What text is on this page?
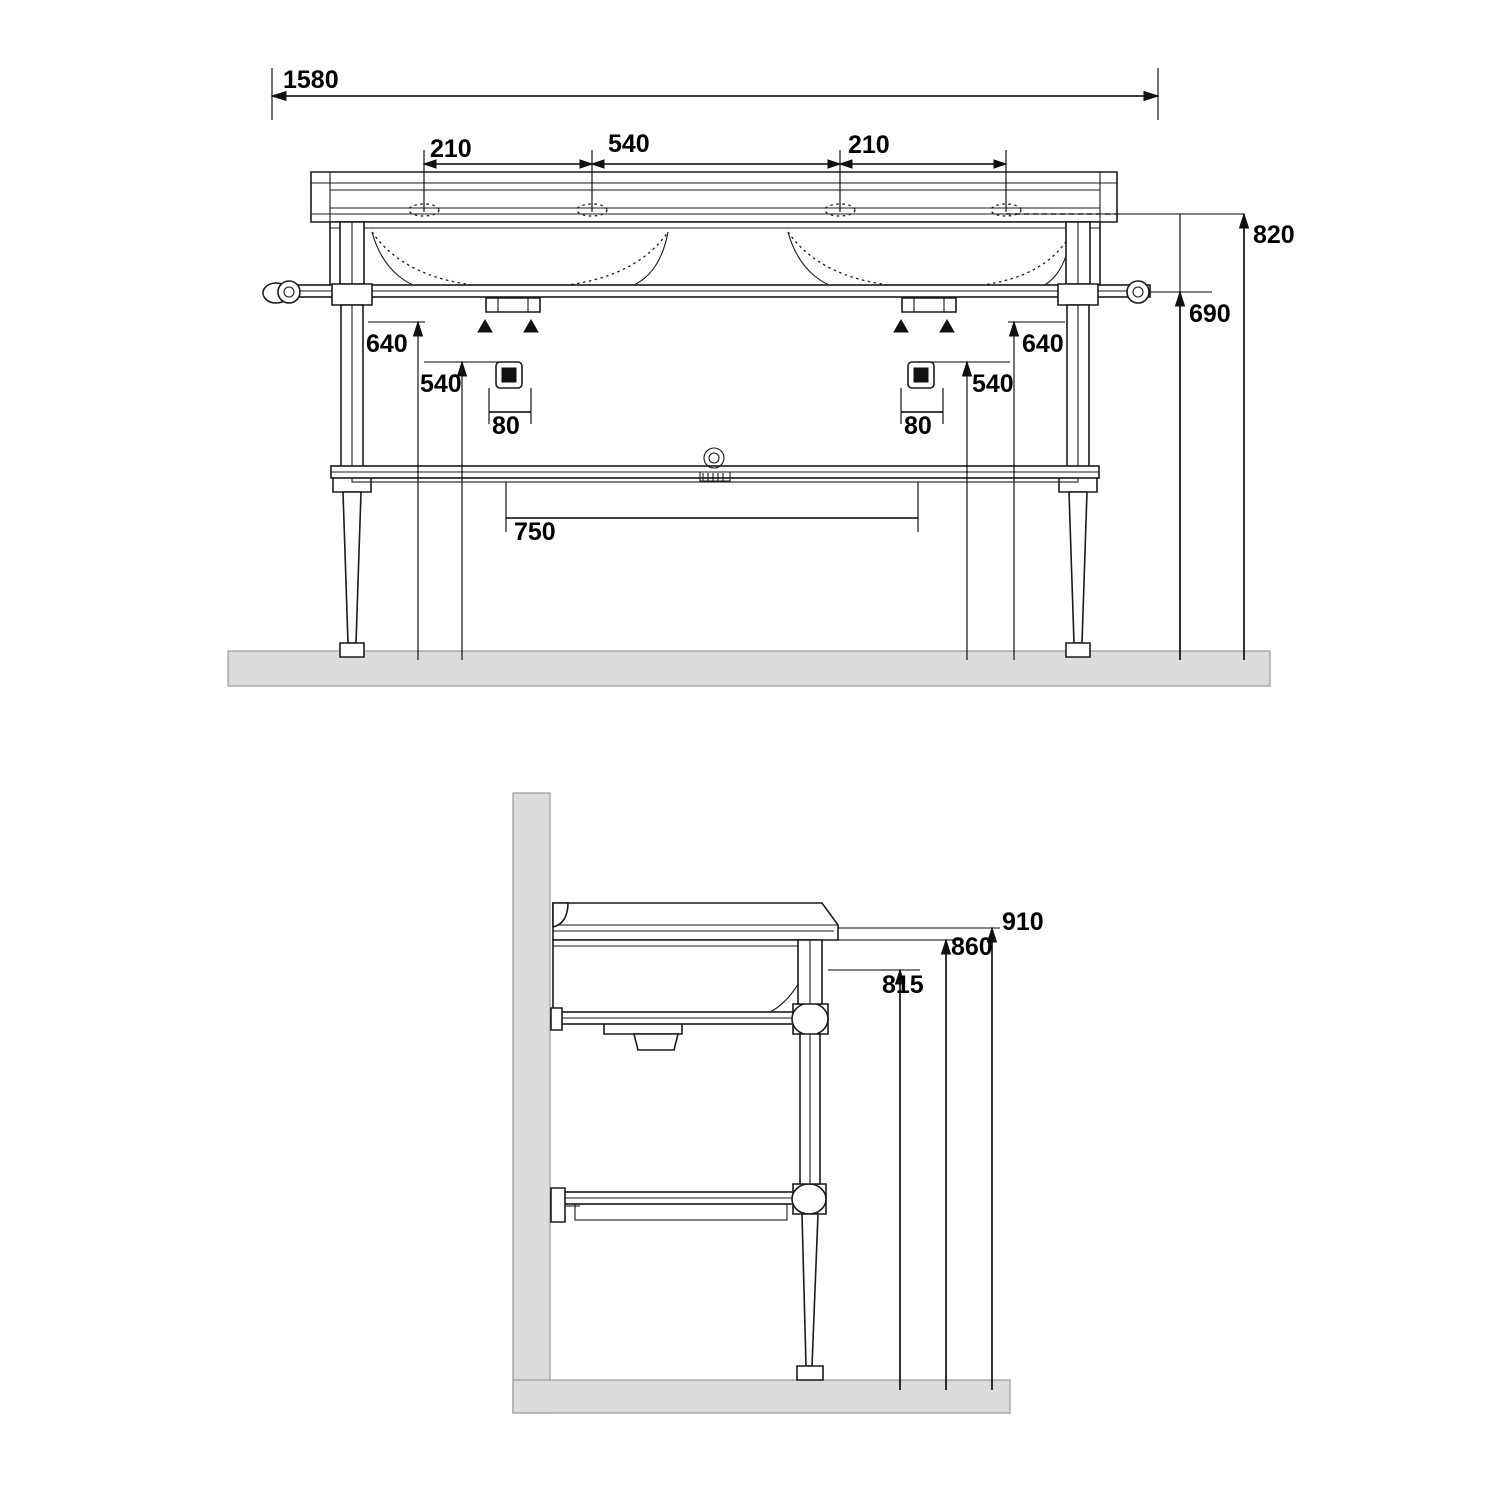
1580
210	540	210
820
690
640
540
80
640
540
80
750
910
860
815
